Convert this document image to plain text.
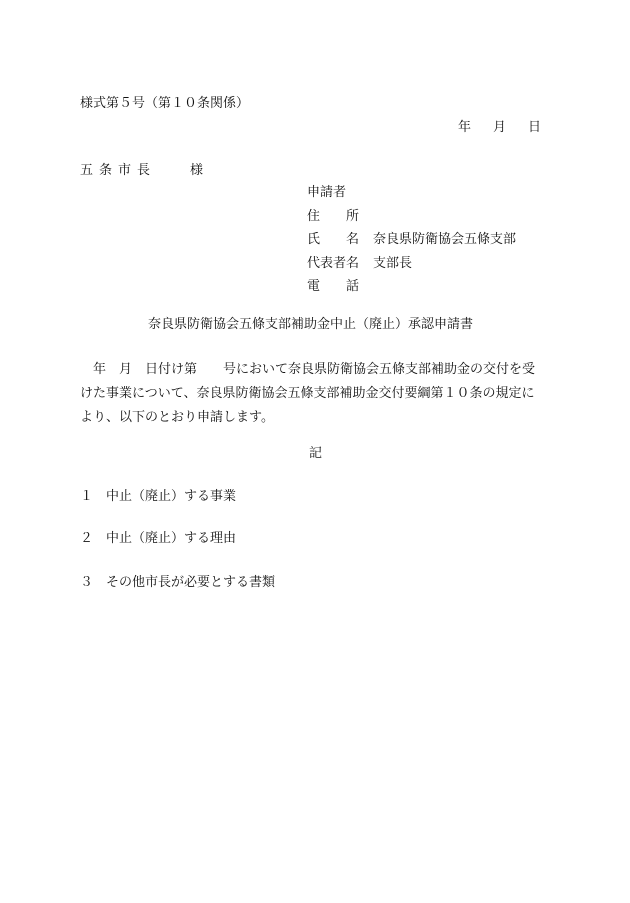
様式第５号（第１０条関係）
年 月 日
五条市長	様
申請者
住所
氏名
奈良県防衛協会五條支部
代表者名	支部長
電話
奈良県防衛協会五條支部補助金中止（廃止）承認申請書

　年　月　日付け第　　号において奈良県防衛協会五條支部補助金の交付を受

けた事業について、奈良県防衛協会五條支部補助金交付要綱第１０条の規定に

より、以下のとおり申請します。

記
１ 中止（廃止）する事業
２ 中止（廃止）する理由
３ その他市長が必要とする書類
